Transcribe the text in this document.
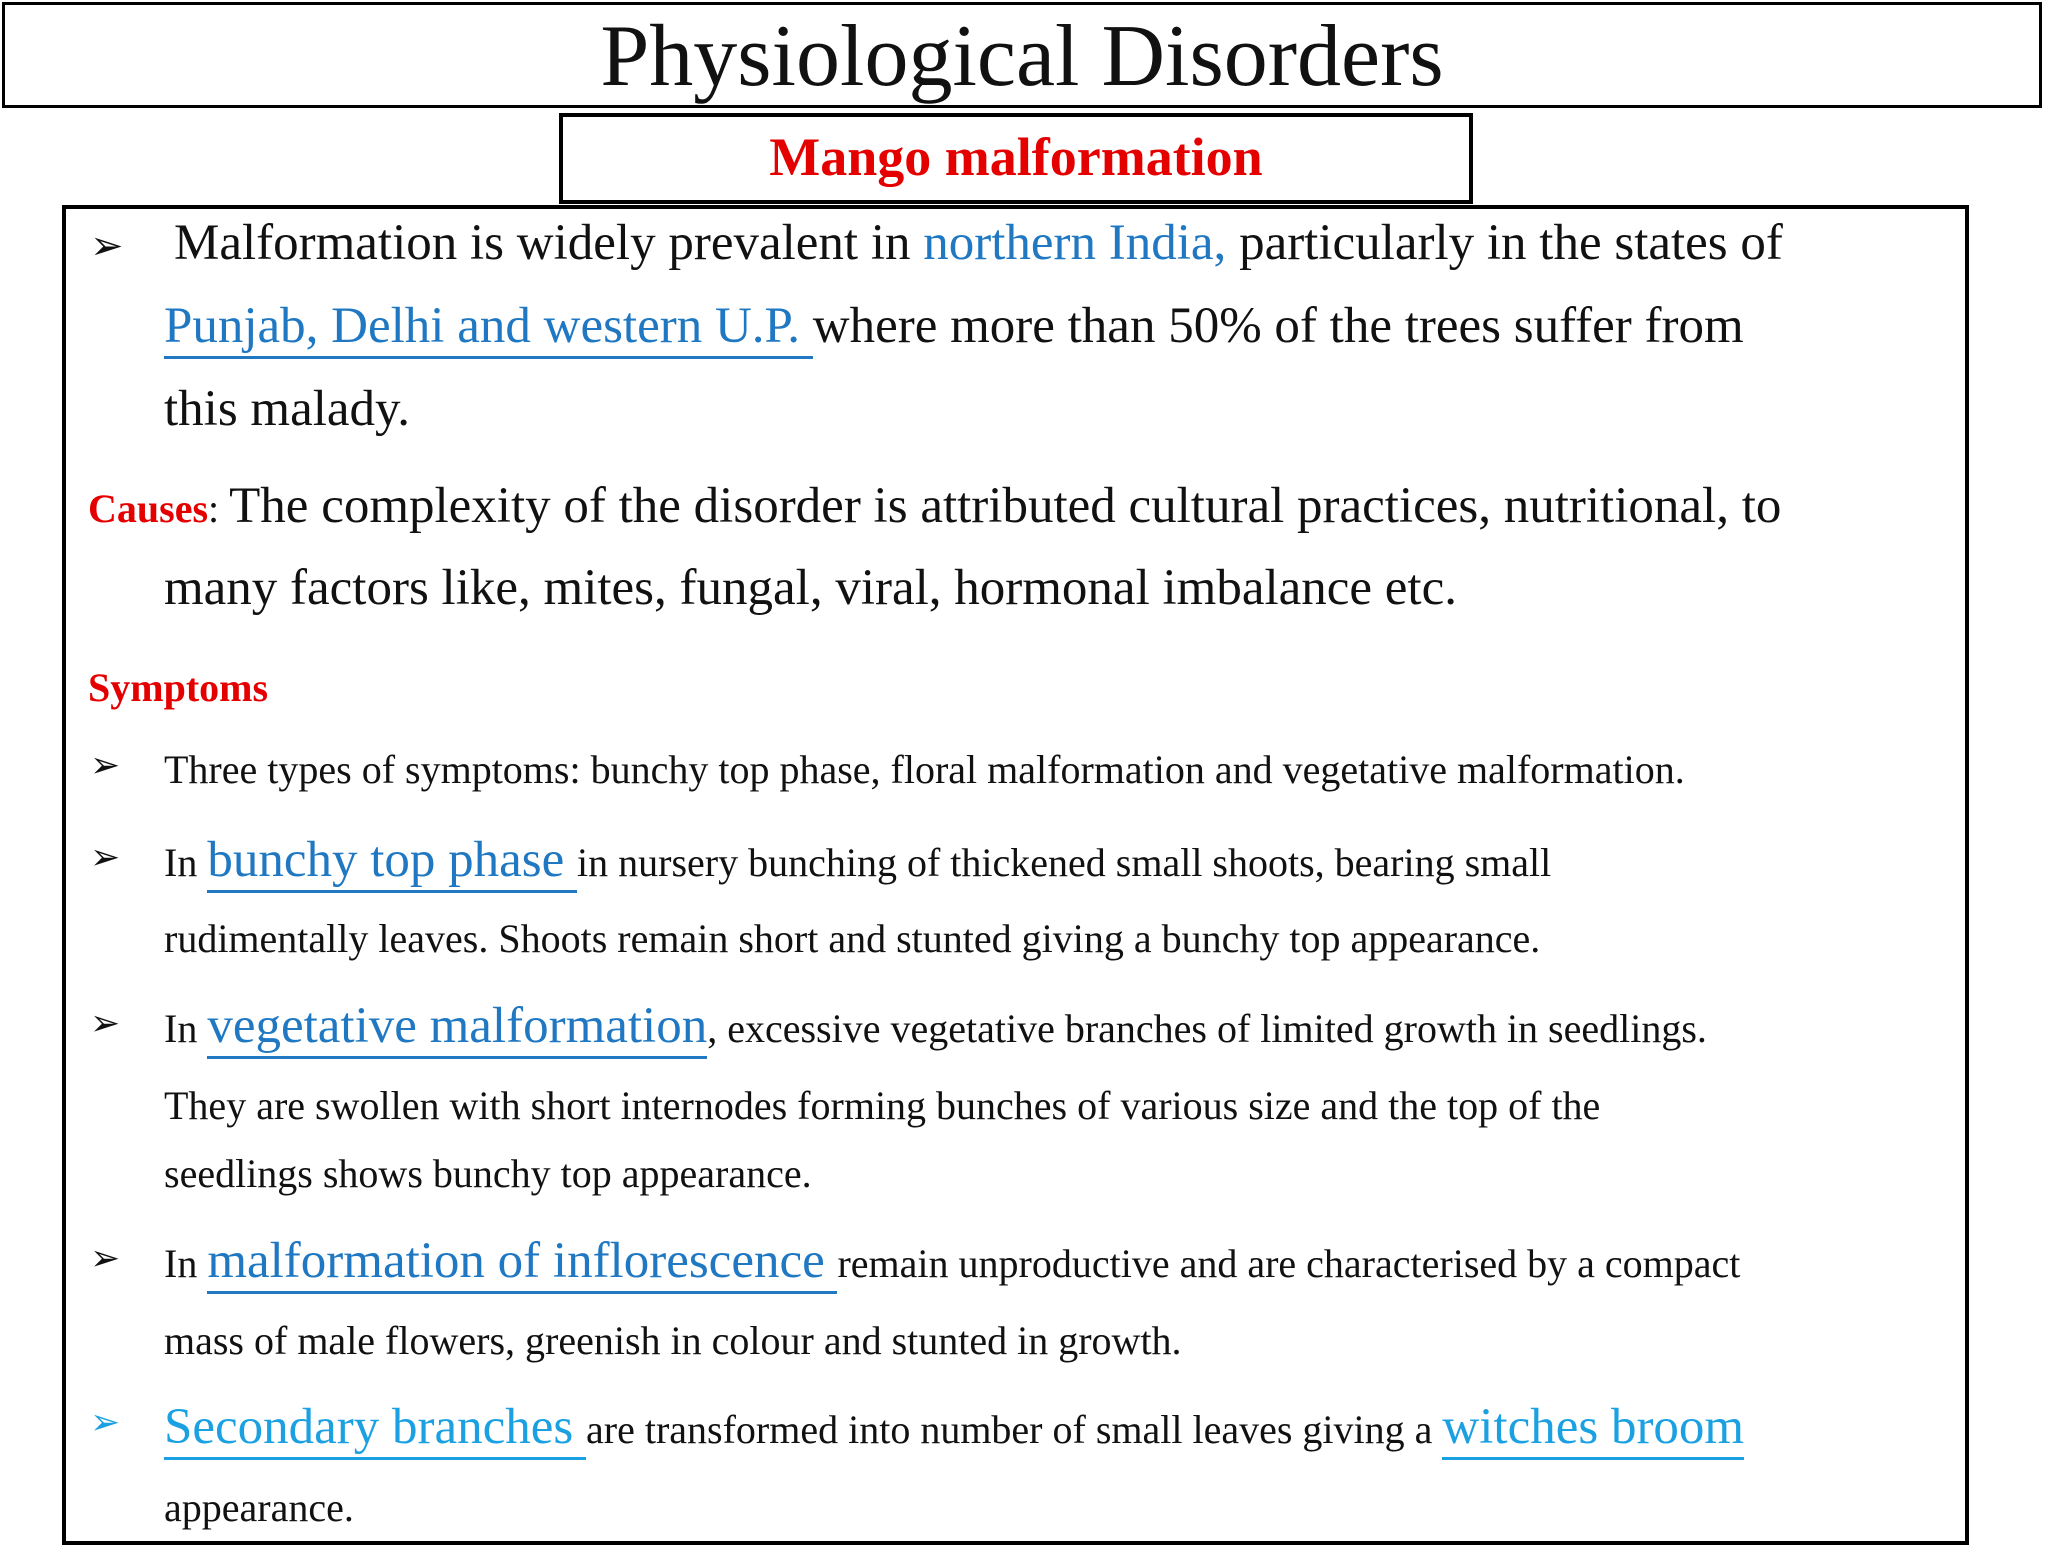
Physiological Disorders
Mango malformation
➢ Malformation is widely prevalent in northern India, particularly in the states of
Punjab, Delhi and western U.P. where more than 50% of the trees suffer from
this malady.
Causes: The complexity of the disorder is attributed cultural practices, nutritional, to
many factors like, mites, fungal, viral, hormonal imbalance etc.
Symptoms
➢ Three types of symptoms: bunchy top phase, floral malformation and vegetative malformation.
➢ In bunchy top phase in nursery bunching of thickened small shoots, bearing small
rudimentally leaves. Shoots remain short and stunted giving a bunchy top appearance.
➢ In vegetative malformation, excessive vegetative branches of limited growth in seedlings.
They are swollen with short internodes forming bunches of various size and the top of the
seedlings shows bunchy top appearance.
➢ In malformation of inflorescence remain unproductive and are characterised by a compact
mass of male flowers, greenish in colour and stunted in growth.
➢ Secondary branches are transformed into number of small leaves giving a witches broom
appearance.
